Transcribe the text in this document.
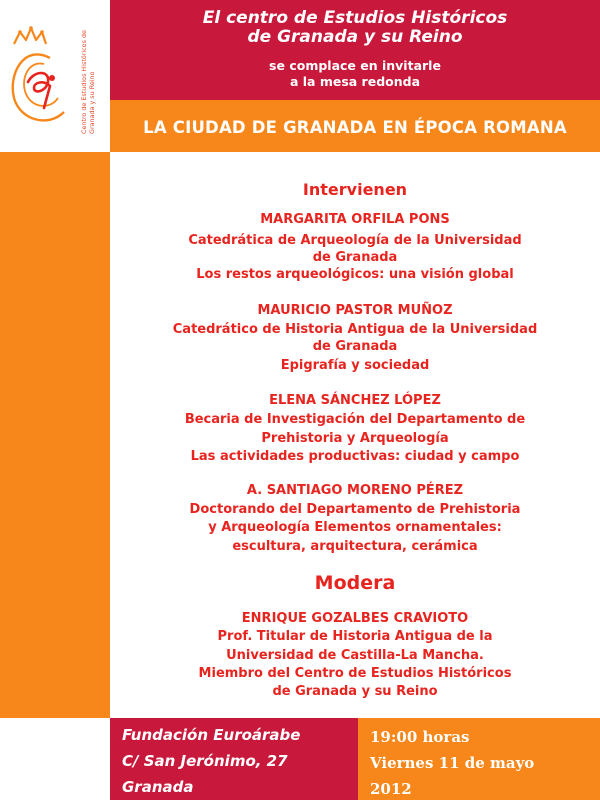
Centro de Estudios Históricos de Granada y su Reino
El centro de Estudios Históricos
de Granada y su Reino
se complace en invitarle
a la mesa redonda
LA CIUDAD DE GRANADA EN ÉPOCA ROMANA
Intervienen
MARGARITA ORFILA PONS
Catedrática de Arqueología de la Universidad
de Granada
Los restos arqueológicos: una visión global
MAURICIO PASTOR MUÑOZ
Catedrático de Historia Antigua de la Universidad
de Granada
Epigrafía y sociedad
ELENA SÁNCHEZ LÓPEZ
Becaria de Investigación del Departamento de
Prehistoria y Arqueología
Las actividades productivas: ciudad y campo
A. SANTIAGO MORENO PÉREZ
Doctorando del Departamento de Prehistoria
y Arqueología Elementos ornamentales:
escultura, arquitectura, cerámica
Modera
ENRIQUE GOZALBES CRAVIOTO
Prof. Titular de Historia Antigua de la
Universidad de Castilla-La Mancha.
Miembro del Centro de Estudios Históricos
de Granada y su Reino
Fundación Euroárabe
C/ San Jerónimo, 27
Granada
19:00 horas
Viernes 11 de mayo
2012
